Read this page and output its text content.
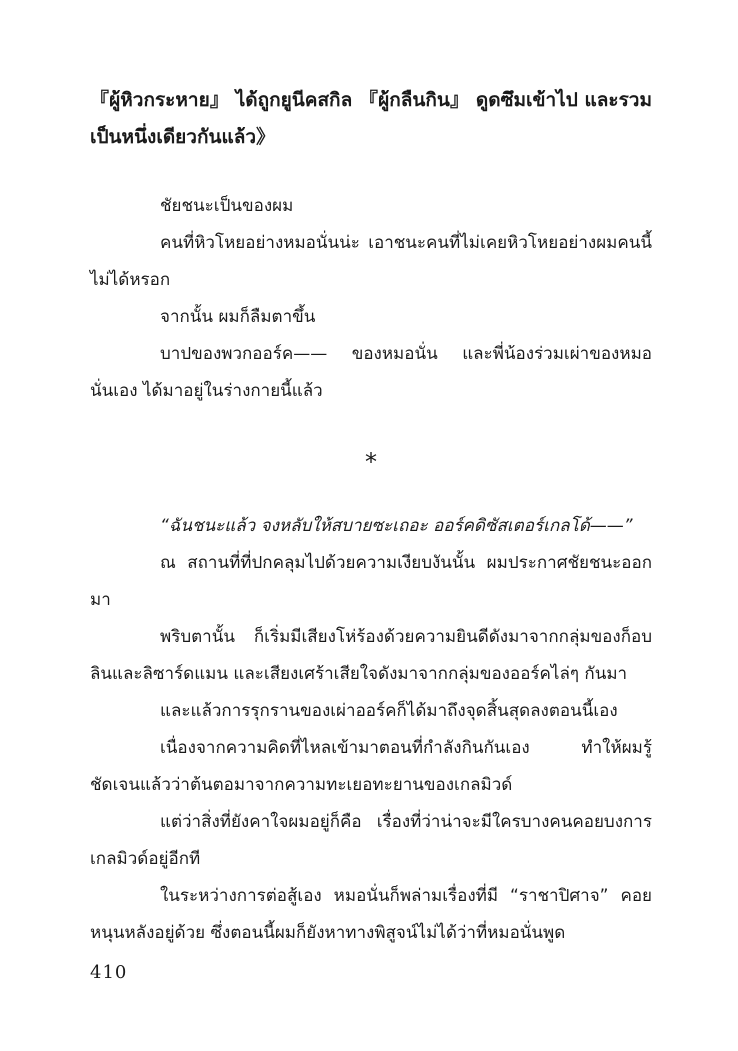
『ผู้หิวกระหาย』 ได้ถูกยูนีคสกิล 『ผู้กลืนกิน』 ดูดซึมเข้าไป และรวมเป็นหนึ่งเดียวกันแล้ว》

ชัยชนะเป็นของผม

คนที่หิวโหยอย่างหมอนั่นน่ะ เอาชนะคนที่ไม่เคยหิวโหยอย่างผมคนนี้ไม่ได้หรอก

จากนั้น ผมก็ลืมตาขึ้น

บาปของพวกออร์ค—— ของหมอนั่น และพี่น้องร่วมเผ่าของหมอนั่นเอง ได้มาอยู่ในร่างกายนี้แล้ว

*

“ฉันชนะแล้ว จงหลับให้สบายซะเถอะ ออร์คดิซัสเตอร์เกลโด้——”

ณ สถานที่ที่ปกคลุมไปด้วยความเงียบงันนั้น ผมประกาศชัยชนะออกมา

พริบตานั้น ก็เริ่มมีเสียงโห่ร้องด้วยความยินดีดังมาจากกลุ่มของก็อบลินและลิซาร์ดแมน และเสียงเศร้าเสียใจดังมาจากกลุ่มของออร์คไล่ๆ กันมา

และแล้วการรุกรานของเผ่าออร์คก็ได้มาถึงจุดสิ้นสุดลงตอนนี้เอง

เนื่องจากความคิดที่ไหลเข้ามาตอนที่กำลังกินกันเอง ทำให้ผมรู้ชัดเจนแล้วว่าต้นตอมาจากความทะเยอทะยานของเกลมิวด์

แต่ว่าสิ่งที่ยังคาใจผมอยู่ก็คือ เรื่องที่ว่าน่าจะมีใครบางคนคอยบงการเกลมิวด์อยู่อีกที

ในระหว่างการต่อสู้เอง หมอนั่นก็พล่ามเรื่องที่มี “ราชาปิศาจ” คอยหนุนหลังอยู่ด้วย ซึ่งตอนนี้ผมก็ยังหาทางพิสูจน์ไม่ได้ว่าที่หมอนั่นพูด

410
